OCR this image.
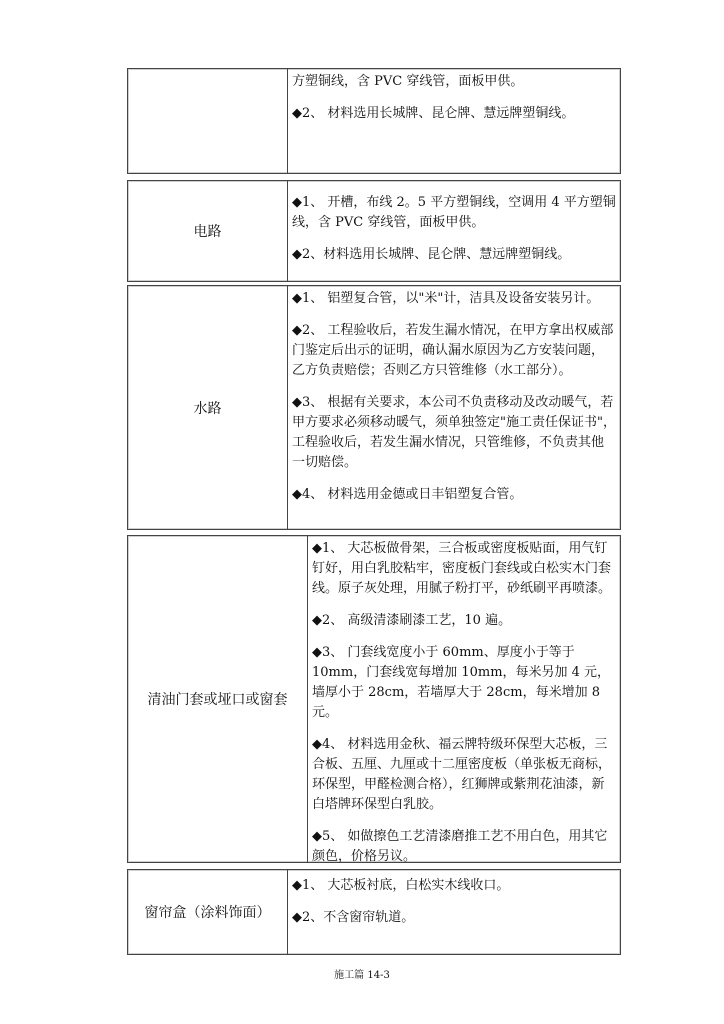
方塑铜线，含 PVC 穿线管，面板甲供。

◆2、 材料选用长城牌、昆仑牌、慧远牌塑铜线。

电路

◆1、 开槽，布线 2。5 平方塑铜线，空调用 4 平方塑铜线，含 PVC 穿线管，面板甲供。

◆2、材料选用长城牌、昆仑牌、慧远牌塑铜线。

水路

◆1、 铝塑复合管，以"米"计，洁具及设备安装另计。

◆2、 工程验收后，若发生漏水情况，在甲方拿出权威部门鉴定后出示的证明，确认漏水原因为乙方安装问题，乙方负责赔偿；否则乙方只管维修（水工部分）。

◆3、 根据有关要求，本公司不负责移动及改动暖气，若甲方要求必须移动暖气，须单独签定"施工责任保证书"，工程验收后，若发生漏水情况，只管维修，不负责其他一切赔偿。

◆4、 材料选用金德或日丰铝塑复合管。

清油门套或垭口或窗套

◆1、 大芯板做骨架，三合板或密度板贴面，用气钉钉好，用白乳胶粘牢，密度板门套线或白松实木门套线。原子灰处理，用腻子粉打平，砂纸刷平再喷漆。

◆2、 高级清漆刷漆工艺，10 遍。

◆3、 门套线宽度小于 60mm、厚度小于等于 10mm，门套线宽每增加 10mm，每米另加 4 元，墙厚小于 28cm，若墙厚大于 28cm，每米增加 8 元。

◆4、 材料选用金秋、福云牌特级环保型大芯板，三合板、五厘、九厘或十二厘密度板（单张板无商标，环保型，甲醛检测合格），红狮牌或紫荆花油漆，新白塔牌环保型白乳胶。

◆5、 如做擦色工艺清漆磨推工艺不用白色，用其它颜色，价格另议。

窗帘盒（涂料饰面）

◆1、 大芯板衬底，白松实木线收口。

◆2、不含窗帘轨道。

施工篇 14-3
